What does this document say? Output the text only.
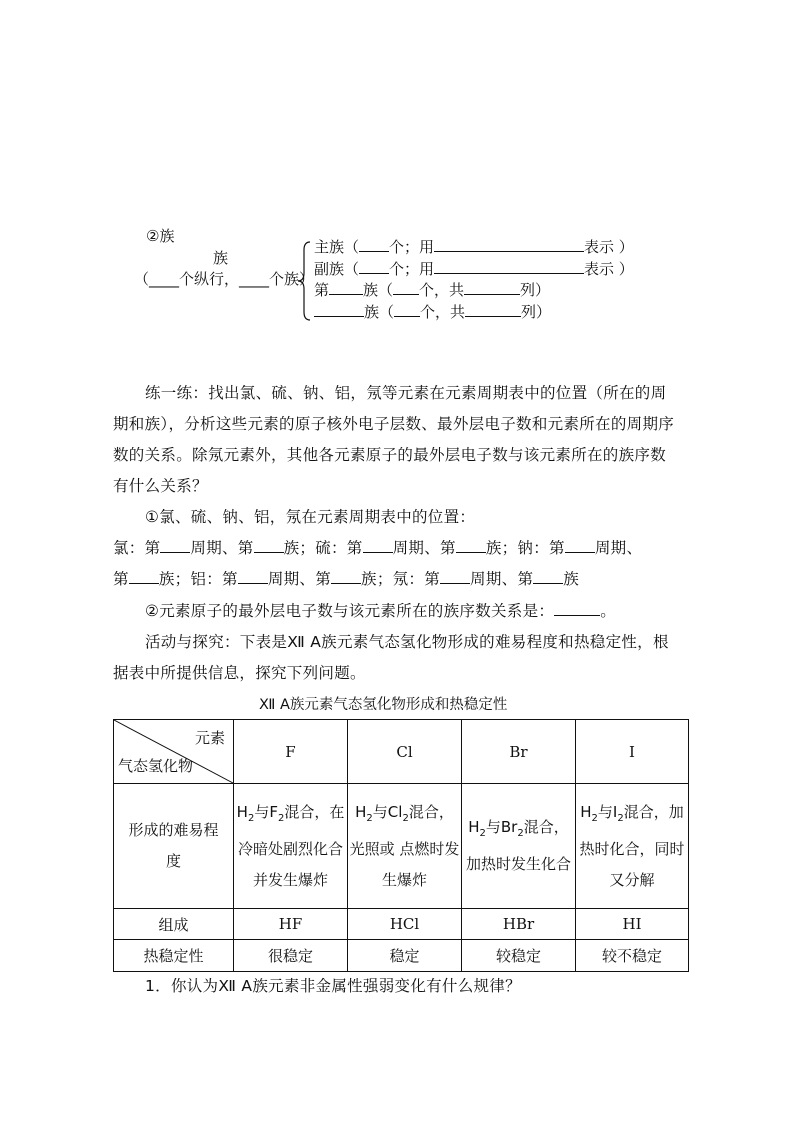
②族
族
（____个纵行，____个族）
主族（ 个；用	表示 ）
副族（ 个；用	表示 ）
第 族（ 个，共	列）
族（ 个，共	列）
练一练：找出氯、硫、钠、铝，氖等元素在元素周期表中的位置（所在的周
期和族），分析这些元素的原子核外电子层数、最外层电子数和元素所在的周期序
数的关系。除氖元素外，其他各元素原子的最外层电子数与该元素所在的族序数
有什么关系？
①氯、硫、钠、铝，氖在元素周期表中的位置：
氯：第 周期、第 族；硫：第 周期、第 族；钠：第 周期、
第 族；铝：第 周期、第 族；氖：第 周期、第 族
②元素原子的最外层电子数与该元素所在的族序数关系是：	。
活动与探究：下表是Ⅻ A族元素气态氢化物形成的难易程度和热稳定性，根
据表中所提供信息，探究下列问题。
Ⅻ A族元素气态氢化物形成和热稳定性
元素
气态氢化物	F	Cl	Br	I
形成的难易程度	$H_2$与$F_2$混合，在冷暗处剧烈化合并发生爆炸	$H_2$与$Cl_2$混合，光照或 点燃时发生爆炸	$H_2$与$Br_2$混合，加热时发生化合	$H_2$与$I_2$混合，加热时化合，同时又分解
组成	HF	HCl	HBr	HI
热稳定性	很稳定	稳定	较稳定	较不稳定
1．你认为Ⅻ A族元素非金属性强弱变化有什么规律？
